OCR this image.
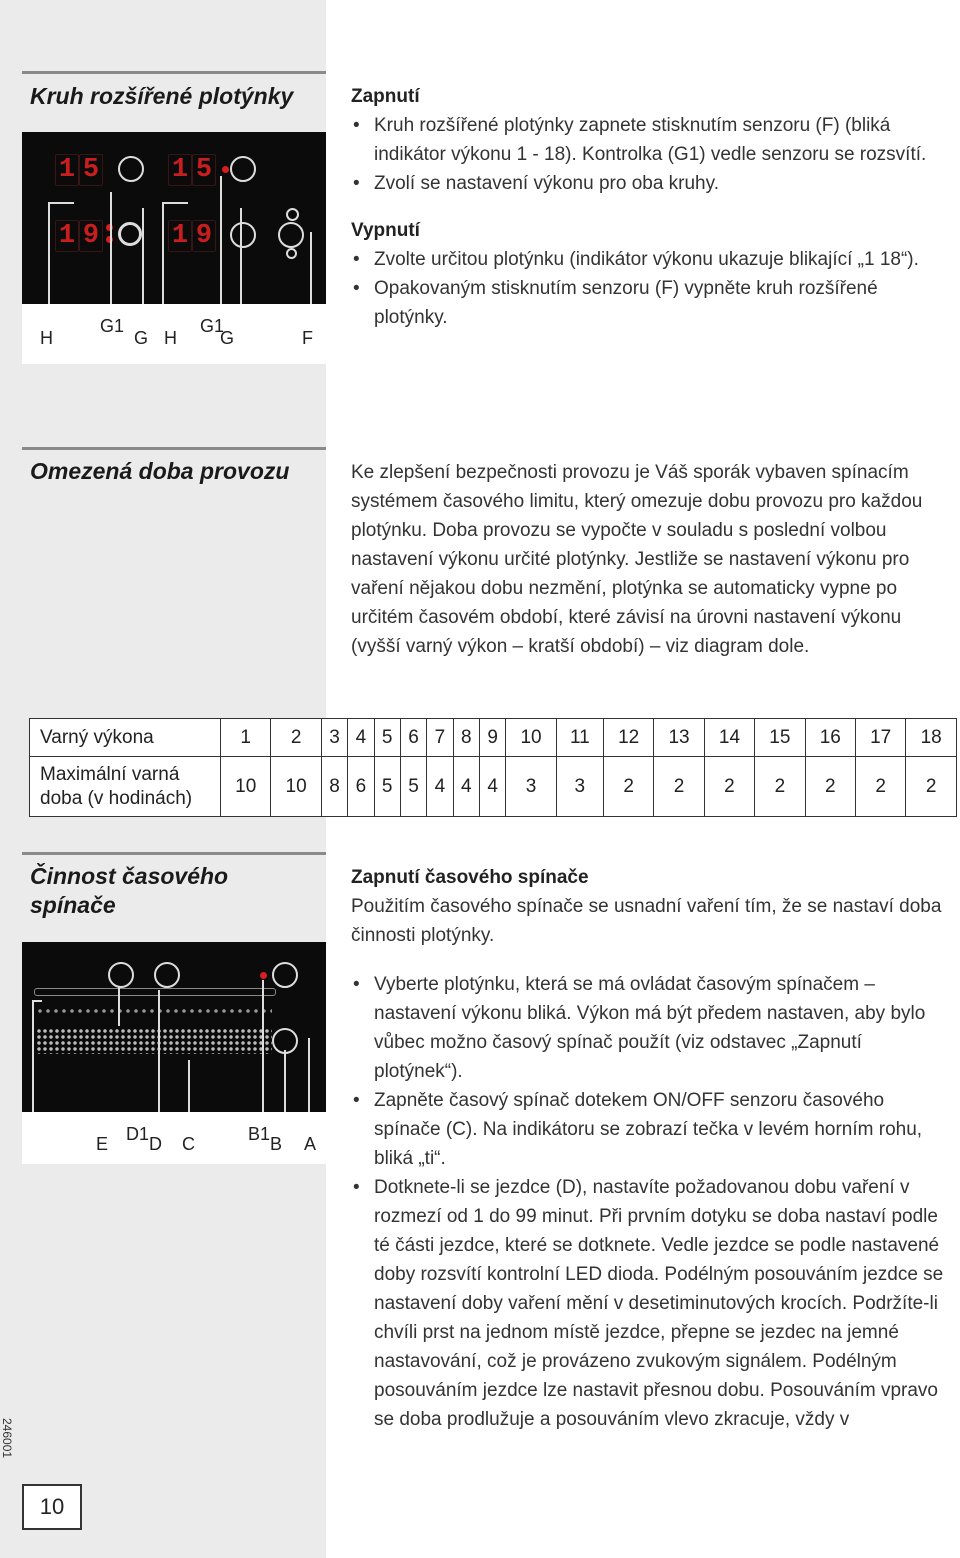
Kruh rozšířené plotýnky
1 5	1 5
1 9	1 9
H
G1
G H
G1
G	F
Zapnutí
• Kruh rozšířené plotýnky zapnete stisknutím senzoru (F) (bliká indikátor výkonu 1 - 18). Kontrolka (G1) vedle senzoru se rozsvítí.
• Zvolí se nastavení výkonu pro oba kruhy.
Vypnutí
• Zvolte určitou plotýnku (indikátor výkonu ukazuje blikající „1 18“).
• Opakovaným stisknutím senzoru (F) vypněte kruh rozšířené plotýnky.
Omezená doba provozu	Ke zlepšení bezpečnosti provozu je Váš sporák vybaven spínacím systémem časového limitu, který omezuje dobu provozu pro každou plotýnku. Doba provozu se vypočte v souladu s poslední volbou nastavení výkonu určité plotýnky. Jestliže se nastavení výkonu pro vaření nějakou dobu nezmění, plotýnka se automaticky vypne po určitém časovém období, které závisí na úrovni nastavení výkonu (vyšší varný výkon – kratší období) – viz diagram dole.

Varný výkona	1	2	3	4	5	6	7	8	9	10	11	12	13	14	15	16	17	18
Maximální varná
doba (v hodinách)	10	10	8	6	5	5	4	4	4	3	3	2	2	2	2	2	2	2
Činnost časového
spínače
E D1 D C	B1 B A
Zapnutí časového spínače

Použitím časového spínače se usnadní vaření tím, že se nastaví doba činnosti plotýnky.

• Vyberte plotýnku, která se má ovládat časovým spínačem – nastavení výkonu bliká. Výkon má být předem nastaven, aby bylo vůbec možno časový spínač použít (viz odstavec „Zapnutí plotýnek“).
• Zapněte časový spínač dotekem ON/OFF senzoru časového spínače (C). Na indikátoru se zobrazí tečka v levém horním rohu, bliká „ti“.
• Dotknete-li se jezdce (D), nastavíte požadovanou dobu vaření v rozmezí od 1 do 99 minut. Při prvním dotyku se doba nastaví podle té části jezdce, které se dotknete. Vedle jezdce se podle nastavené doby rozsvítí kontrolní LED dioda. Podélným posouváním jezdce se nastavení doby vaření mění v desetiminutových krocích. Podržíte-li chvíli prst na jednom místě jezdce, přepne se jezdec na jemné nastavování, což je provázeno zvukovým signálem. Podélným posouváním jezdce lze nastavit přesnou dobu. Posouváním vpravo se doba prodlužuje a posouváním vlevo zkracuje, vždy v
246001
10
